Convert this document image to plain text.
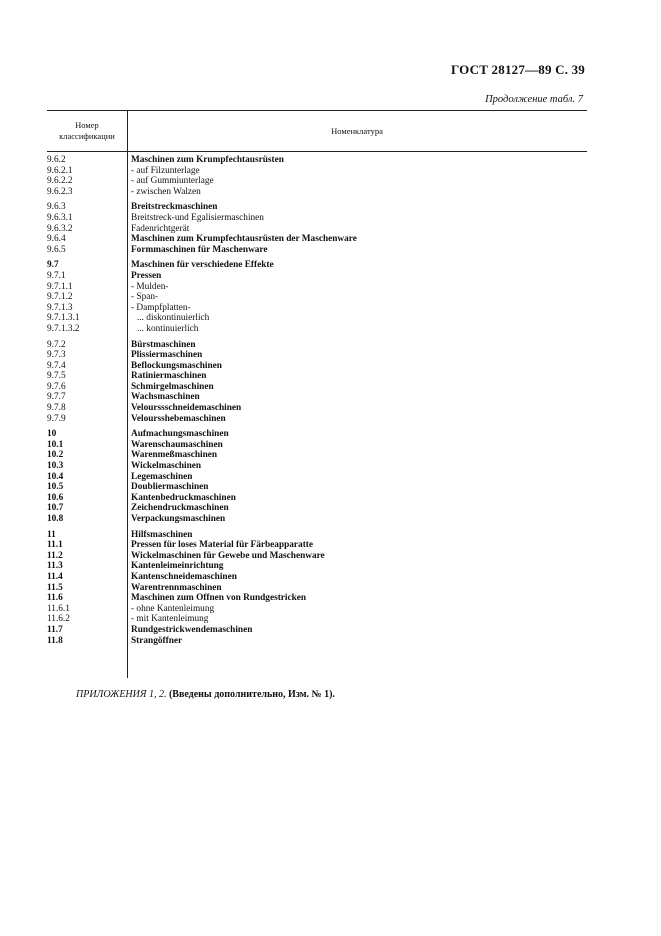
ГОСТ 28127—89 С. 39
Продолжение табл. 7
Номер
классификации	Номенклатура
9.6.2	Maschinen zum Krumpfechtausrüsten
9.6.2.1	- auf Filzunterlage
9.6.2.2	- auf Gummiunterlage
9.6.2.3	- zwischen Walzen
9.6.3	Breitstreckmaschinen
9.6.3.1	Breitstreck-und Egalisiermaschinen
9.6.3.2	Fadenrichtgerät
9.6.4	Maschinen zum Krumpfechtausrüsten der Maschenware
9.6.5	Formmaschinen für Maschenware
9.7	Maschinen für verschiedene Effekte
9.7.1	Pressen
9.7.1.1	- Mulden-
9.7.1.2	- Span-
9.7.1.3	- Dampfplatten-
9.7.1.3.1	... diskontinuierlich
9.7.1.3.2	... kontinuierlich
9.7.2	Bürstmaschinen
9.7.3	Plissiermaschinen
9.7.4	Beflockungsmaschinen
9.7.5	Ratiniermaschinen
9.7.6	Schmirgelmaschinen
9.7.7	Wachsmaschinen
9.7.8	Velourssschneidemaschinen
9.7.9	Veloursshebemaschinen
10	Aufmachungsmaschinen
10.1	Warenschaumaschinen
10.2	Warenmeßmaschinen
10.3	Wickelmaschinen
10.4	Legemaschinen
10.5	Doubliermaschinen
10.6	Kantenbedruckmaschinen
10.7	Zeichendruckmaschinen
10.8	Verpackungsmaschinen
11	Hilfsmaschinen
11.1	Pressen für loses Material für Färbeapparatte
11.2	Wickelmaschinen für Gewebe und Maschenware
11.3	Kantenleimeinrichtung
11.4	Kantenschneidemaschinen
11.5	Warentrennmaschinen
11.6	Maschinen zum Offnen von Rundgestricken
11.6.1	- ohne Kantenleimung
11.6.2	- mit Kantenleimung
11.7	Rundgestrickwendemaschinen
11.8	Strangöffner
ПРИЛОЖЕНИЯ 1, 2. (Введены дополнительно, Изм. № 1).
